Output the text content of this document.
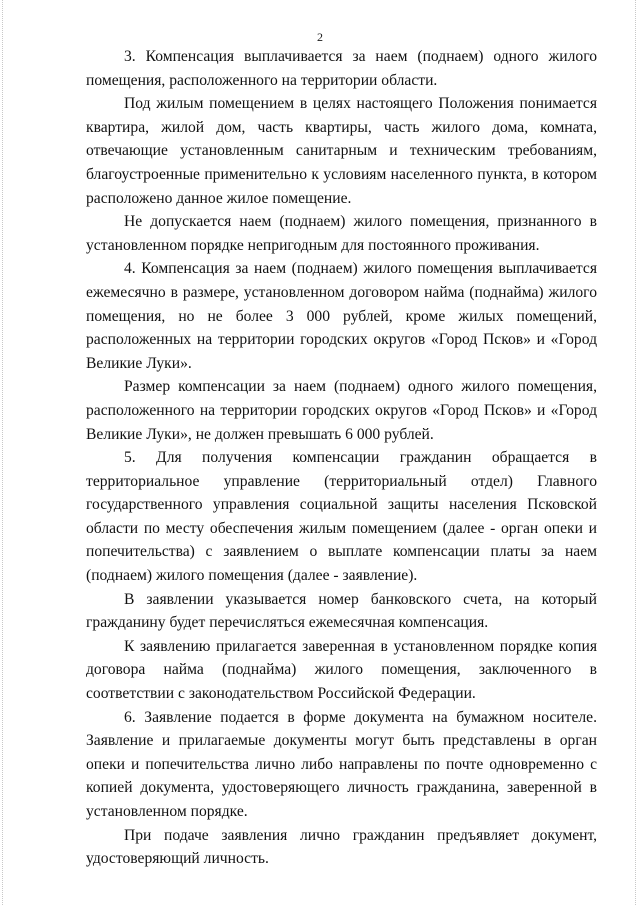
2

3. Компенсация выплачивается за наем (поднаем) одного жилого помещения, расположенного на территории области.

Под жилым помещением в целях настоящего Положения понимается квартира, жилой дом, часть квартиры, часть жилого дома, комната, отвечающие установленным санитарным и техническим требованиям, благоустроенные применительно к условиям населенного пункта, в котором расположено данное жилое помещение.

Не допускается наем (поднаем) жилого помещения, признанного в установленном порядке непригодным для постоянного проживания.

4. Компенсация за наем (поднаем) жилого помещения выплачивается ежемесячно в размере, установленном договором найма (поднайма) жилого помещения, но не более 3 000 рублей, кроме жилых помещений, расположенных на территории городских округов «Город Псков» и «Город Великие Луки».

Размер компенсации за наем (поднаем) одного жилого помещения, расположенного на территории городских округов «Город Псков» и «Город Великие Луки», не должен превышать 6 000 рублей.

5. Для получения компенсации гражданин обращается в территориальное управление (территориальный отдел) Главного государственного управления социальной защиты населения Псковской области по месту обеспечения жилым помещением (далее - орган опеки и попечительства) с заявлением о выплате компенсации платы за наем (поднаем) жилого помещения (далее - заявление).

В заявлении указывается номер банковского счета, на который гражданину будет перечисляться ежемесячная компенсация.

К заявлению прилагается заверенная в установленном порядке копия договора найма (поднайма) жилого помещения, заключенного в соответствии с законодательством Российской Федерации.

6. Заявление подается в форме документа на бумажном носителе. Заявление и прилагаемые документы могут быть представлены в орган опеки и попечительства лично либо направлены по почте одновременно с копией документа, удостоверяющего личность гражданина, заверенной в установленном порядке.

При подаче заявления лично гражданин предъявляет документ, удостоверяющий личность.
